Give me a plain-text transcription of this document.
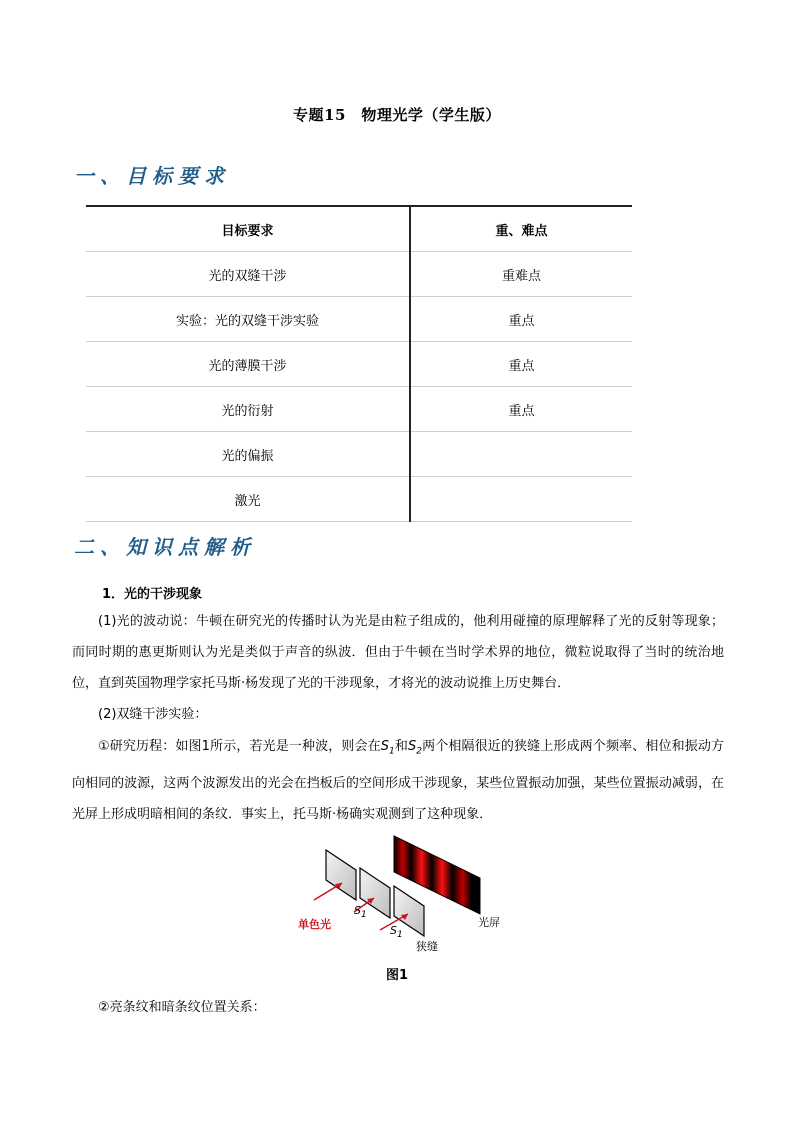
专题15　物理光学（学生版）
一、目标要求
目标要求	重、难点
光的双缝干涉	重难点
实验：光的双缝干涉实验	重点
光的薄膜干涉	重点
光的衍射	重点
光的偏振	
激光	
二、知识点解析
1．光的干涉现象
(1)光的波动说：牛顿在研究光的传播时认为光是由粒子组成的，他利用碰撞的原理解释了光的反射等现象；而同时期的惠更斯则认为光是类似于声音的纵波．但由于牛顿在当时学术界的地位，微粒说取得了当时的统治地位，直到英国物理学家托马斯·杨发现了光的干涉现象，才将光的波动说推上历史舞台．
(2)双缝干涉实验：
①研究历程：如图1所示，若光是一种波，则会在$S_1$和$S_2$两个相隔很近的狭缝上形成两个频率、相位和振动方向相同的波源，这两个波源发出的光会在挡板后的空间形成干涉现象，某些位置振动加强，某些位置振动减弱，在光屏上形成明暗相间的条纹．事实上，托马斯·杨确实观测到了这种现象．
单色光
$S_1$
$S_1$
狭缝
光屏
图1
②亮条纹和暗条纹位置关系：
